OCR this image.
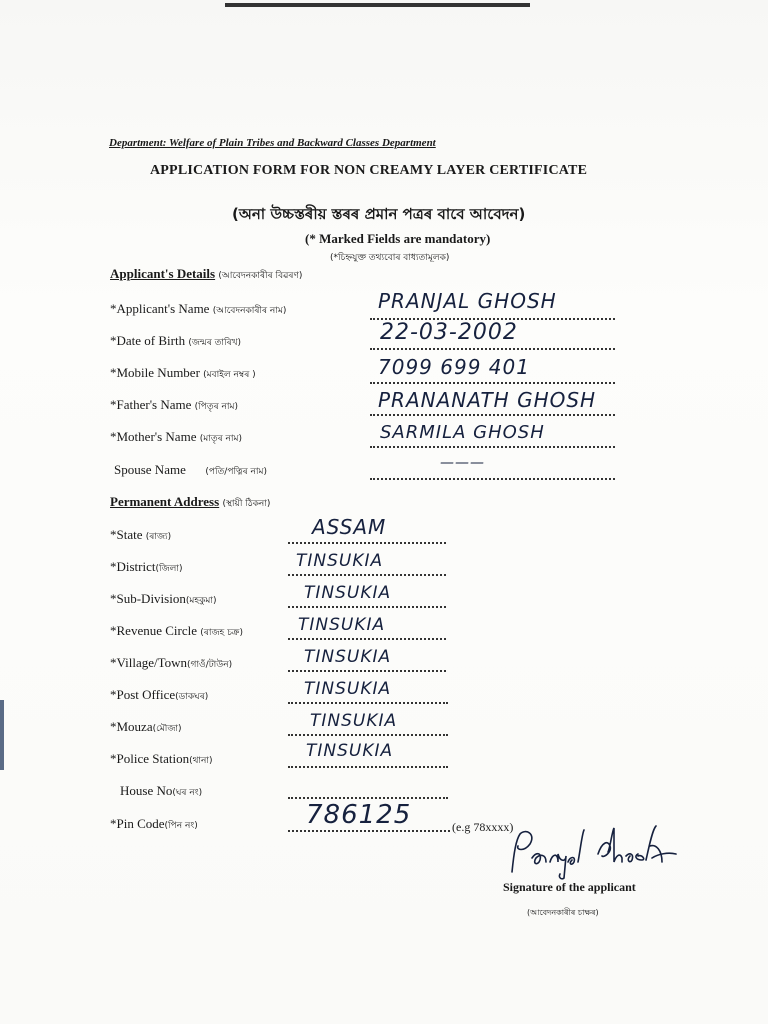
Department: Welfare of Plain Tribes and Backward Classes Department
APPLICATION FORM FOR NON CREAMY LAYER CERTIFICATE
(অনা উচ্চস্তৰীয় স্তৰৰ প্ৰমান পত্ৰৰ বাবে আবেদন)
(* Marked Fields are mandatory)
(*চিহ্নযুক্ত তথ্যবোৰ বাধ্যতামূলক)
Applicant's Details (আবেদনকাৰীৰ বিৱৰণ)
*Applicant's Name (আবেদনকাৰীৰ নাম)	PRANJAL GHOSH
*Date of Birth (জন্মৰ তাৰিখ)	22-03-2002
*Mobile Number (মবাইল নম্বৰ )	7099 699 401
*Father's Name (পিতৃৰ নাম)	PRANANATH GHOSH
*Mother's Name (মাতৃৰ নাম)	SARMILA GHOSH
Spouse Name (পতি/পত্নিৰ নাম)
———
Permanent Address (স্থায়ী ঠিকনা)
*State (ৰাজ্য)	ASSAM
*District(জিলা)	TINSUKIA
*Sub-Division(মহকুমা)	TINSUKIA
*Revenue Circle (ৰাজহ চক্ৰ)	TINSUKIA
*Village/Town(গাওঁ/টাউন)	TINSUKIA
*Post Office(ডাকঘৰ)	TINSUKIA
*Mouza(মৌজা)	TINSUKIA
*Police Station(থানা)	TINSUKIA
House No(ঘৰ নং)
*Pin Code(পিন নং)	786125	(e.g 78xxxx)
Signature of the applicant
(আবেদনকাৰীৰ চাক্ষৰ)
